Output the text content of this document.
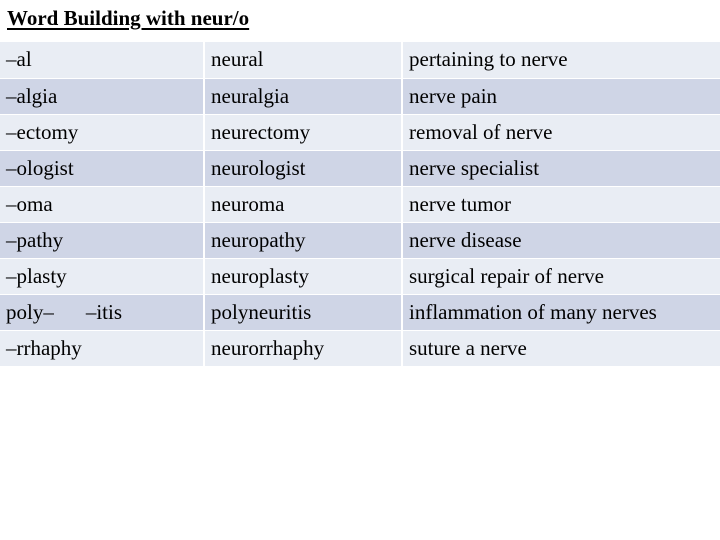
Word Building with neur/o
–al	neural	pertaining to nerve
–algia	neuralgia	nerve pain
–ectomy	neurectomy	removal of nerve
–ologist	neurologist	nerve specialist
–oma	neuroma	nerve tumor
–pathy	neuropathy	nerve disease
–plasty	neuroplasty	surgical repair of nerve
poly– –itis	polyneuritis	inflammation of many nerves
–rrhaphy	neurorrhaphy	suture a nerve
